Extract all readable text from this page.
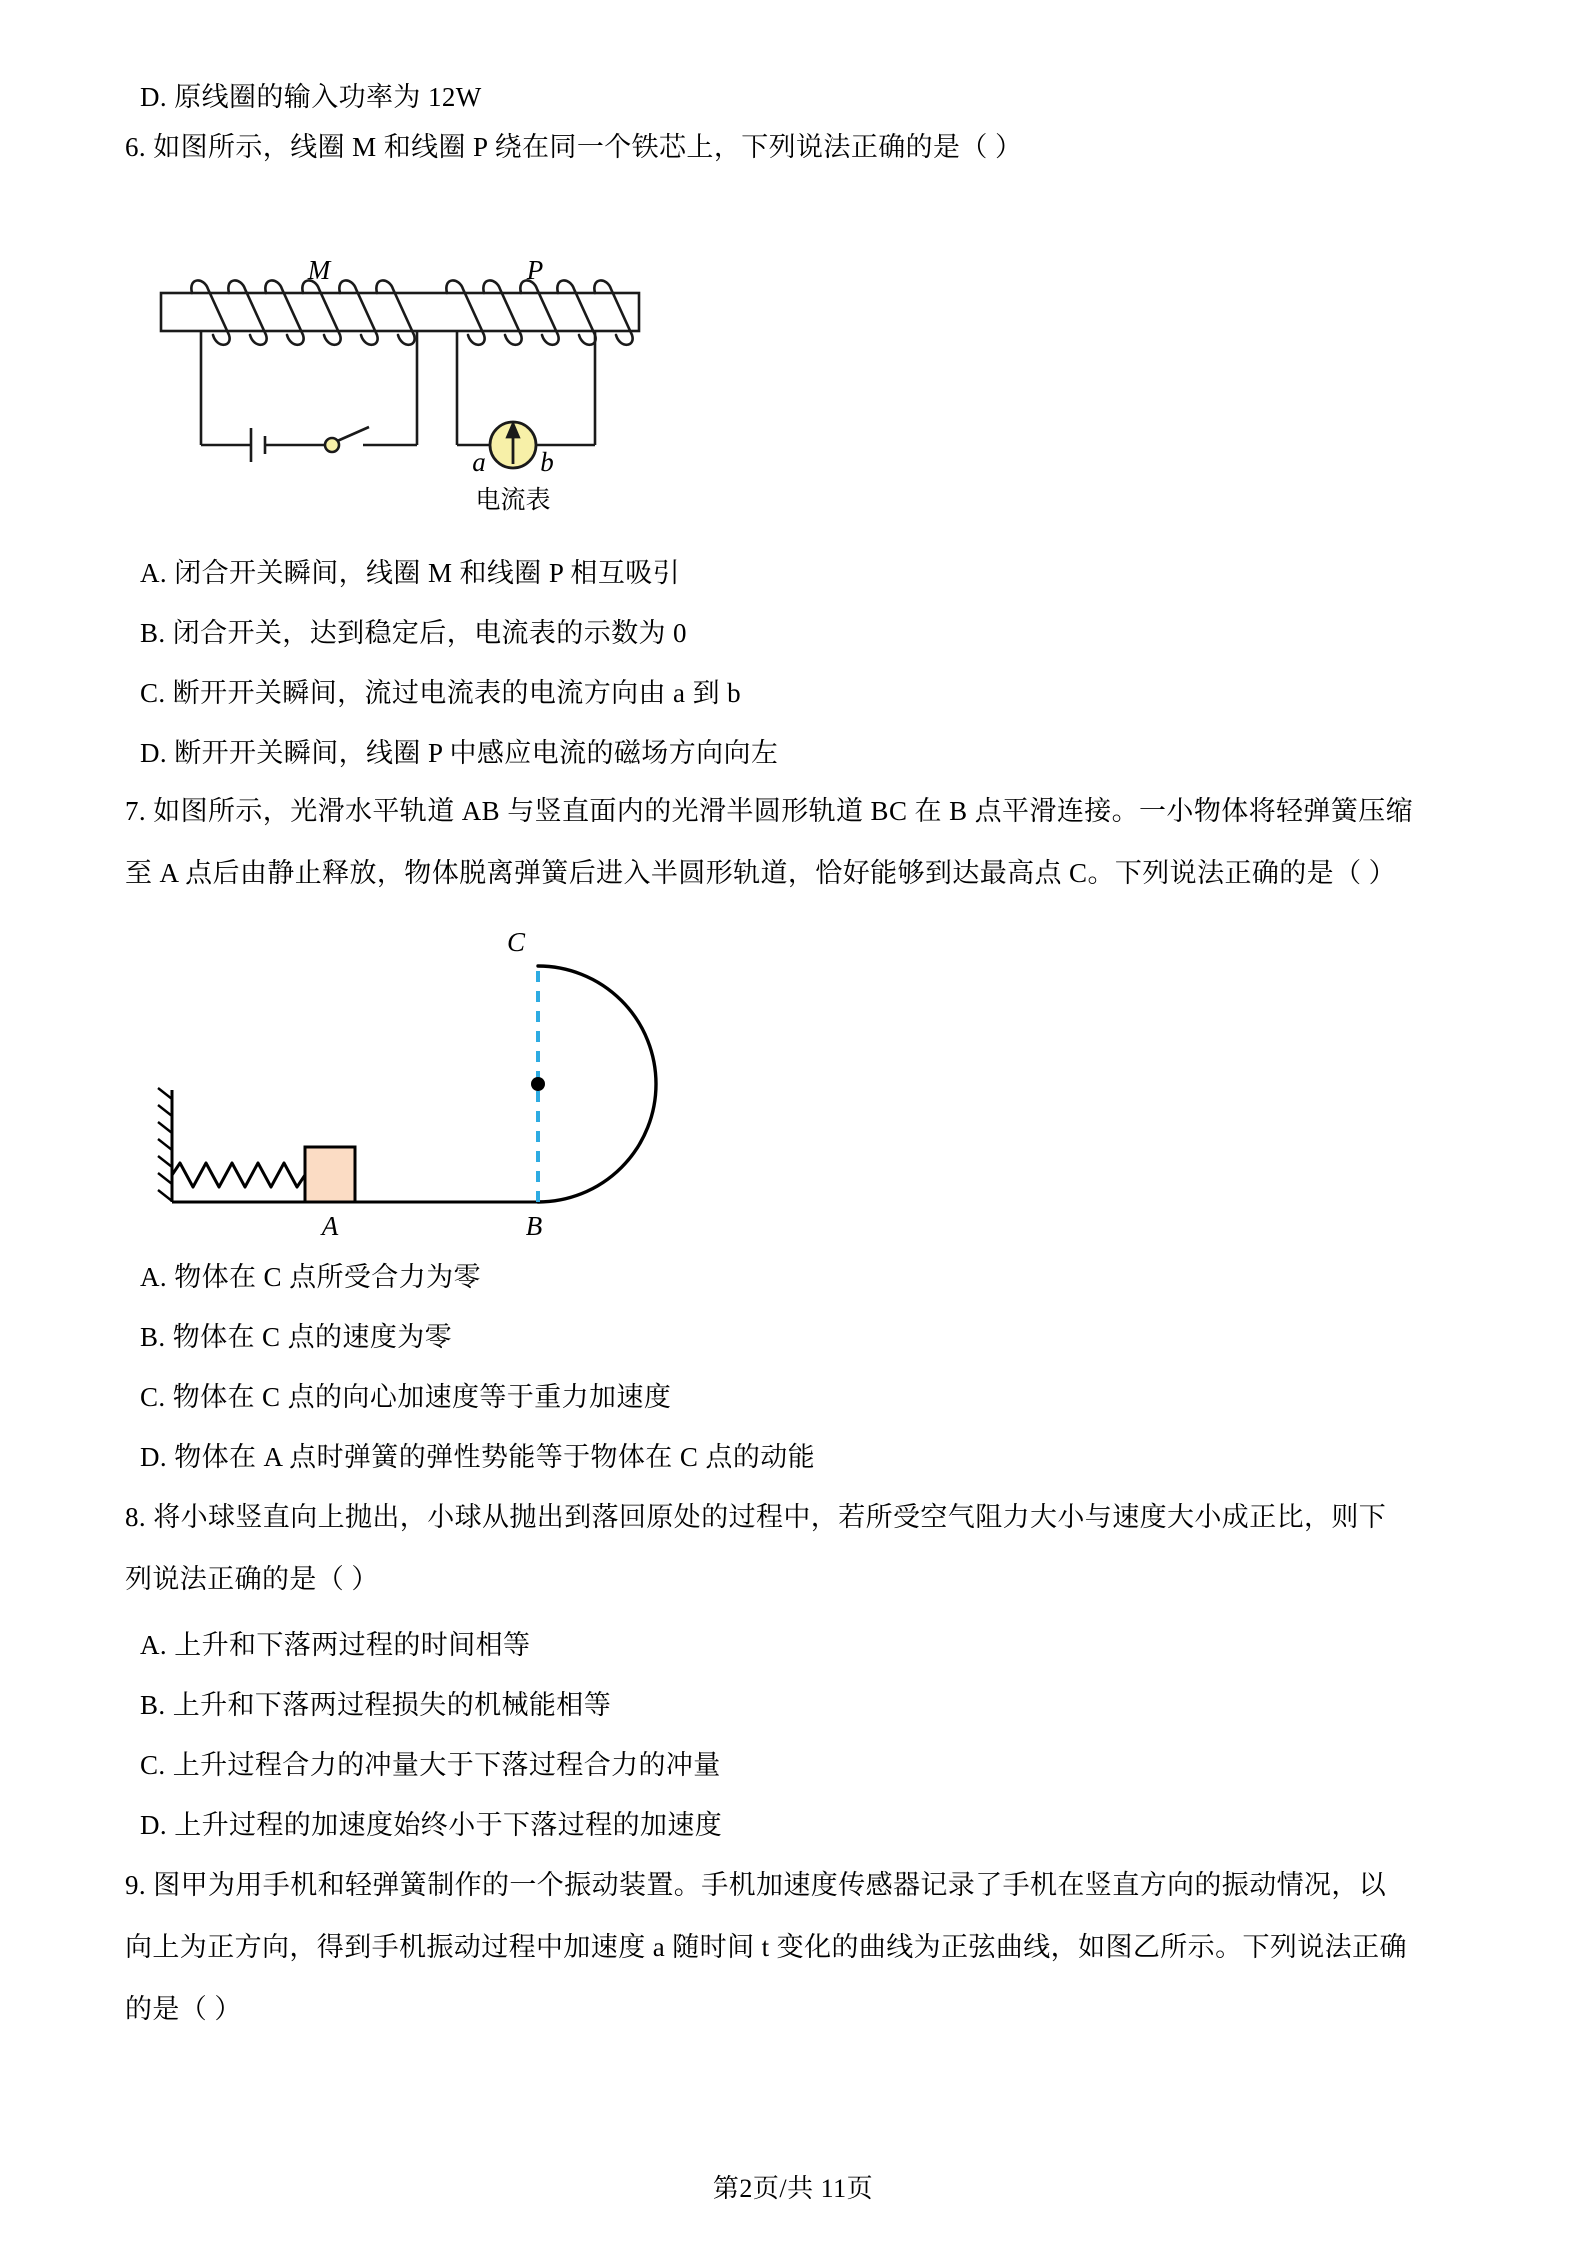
D. 原线圈的输入功率为 12W
6. 如图所示，线圈 M 和线圈 P 绕在同一个铁芯上，下列说法正确的是（ ）
M	P
a b
电流表
A. 闭合开关瞬间，线圈 M 和线圈 P 相互吸引
B. 闭合开关，达到稳定后，电流表的示数为 0
C. 断开开关瞬间，流过电流表的电流方向由 a 到 b
D. 断开开关瞬间，线圈 P 中感应电流的磁场方向向左
7. 如图所示，光滑水平轨道 AB 与竖直面内的光滑半圆形轨道 BC 在 B 点平滑连接。一小物体将轻弹簧压缩
至 A 点后由静止释放，物体脱离弹簧后进入半圆形轨道，恰好能够到达最高点 C。下列说法正确的是（ ）
A	B
C
A. 物体在 C 点所受合力为零
B. 物体在 C 点的速度为零
C. 物体在 C 点的向心加速度等于重力加速度
D. 物体在 A 点时弹簧的弹性势能等于物体在 C 点的动能
8. 将小球竖直向上抛出，小球从抛出到落回原处的过程中，若所受空气阻力大小与速度大小成正比，则下
列说法正确的是（ ）
A. 上升和下落两过程的时间相等
B. 上升和下落两过程损失的机械能相等
C. 上升过程合力的冲量大于下落过程合力的冲量
D. 上升过程的加速度始终小于下落过程的加速度
9. 图甲为用手机和轻弹簧制作的一个振动装置。手机加速度传感器记录了手机在竖直方向的振动情况，以
向上为正方向，得到手机振动过程中加速度 a 随时间 t 变化的曲线为正弦曲线，如图乙所示。下列说法正确
的是（ ）
第2页/共 11页
